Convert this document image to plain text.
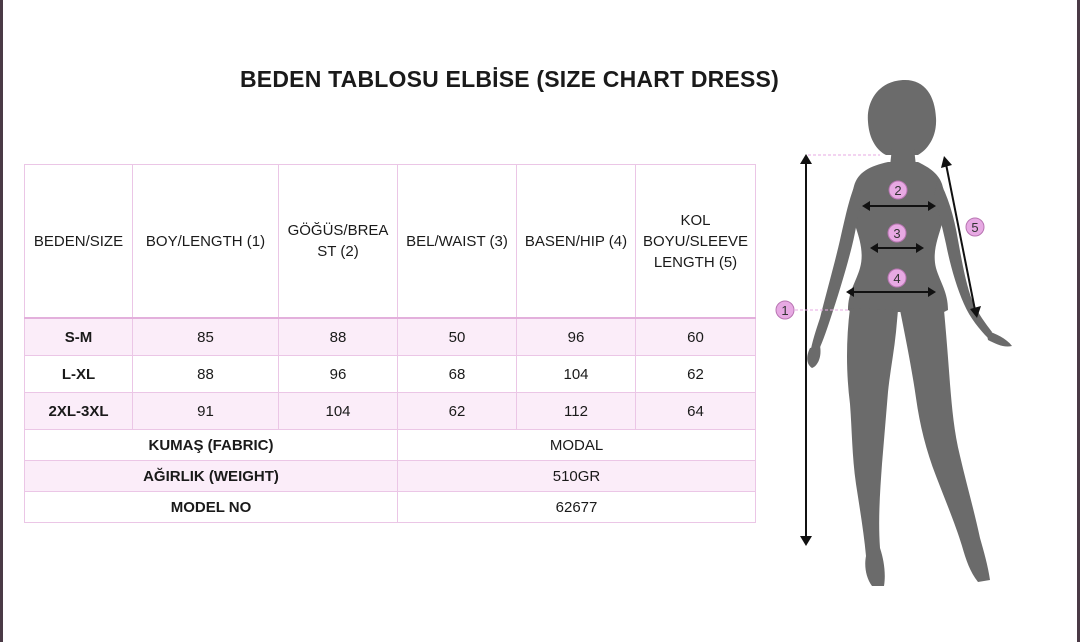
BEDEN TABLOSU ELBİSE (SIZE CHART DRESS)
BEDEN/SIZE	BOY/LENGTH (1)	GÖĞÜS/BREA ST (2)	BEL/WAIST (3)	BASEN/HIP (4)	KOL BOYU/SLEEVE LENGTH (5)
S-M	85	88	50	96	60
L-XL	88	96	68	104	62
2XL-3XL	91	104	62	112	64
KUMAŞ (FABRIC)			MODAL		
AĞIRLIK (WEIGHT)			510GR		
MODEL NO			62677		
1
2
3
4
5
